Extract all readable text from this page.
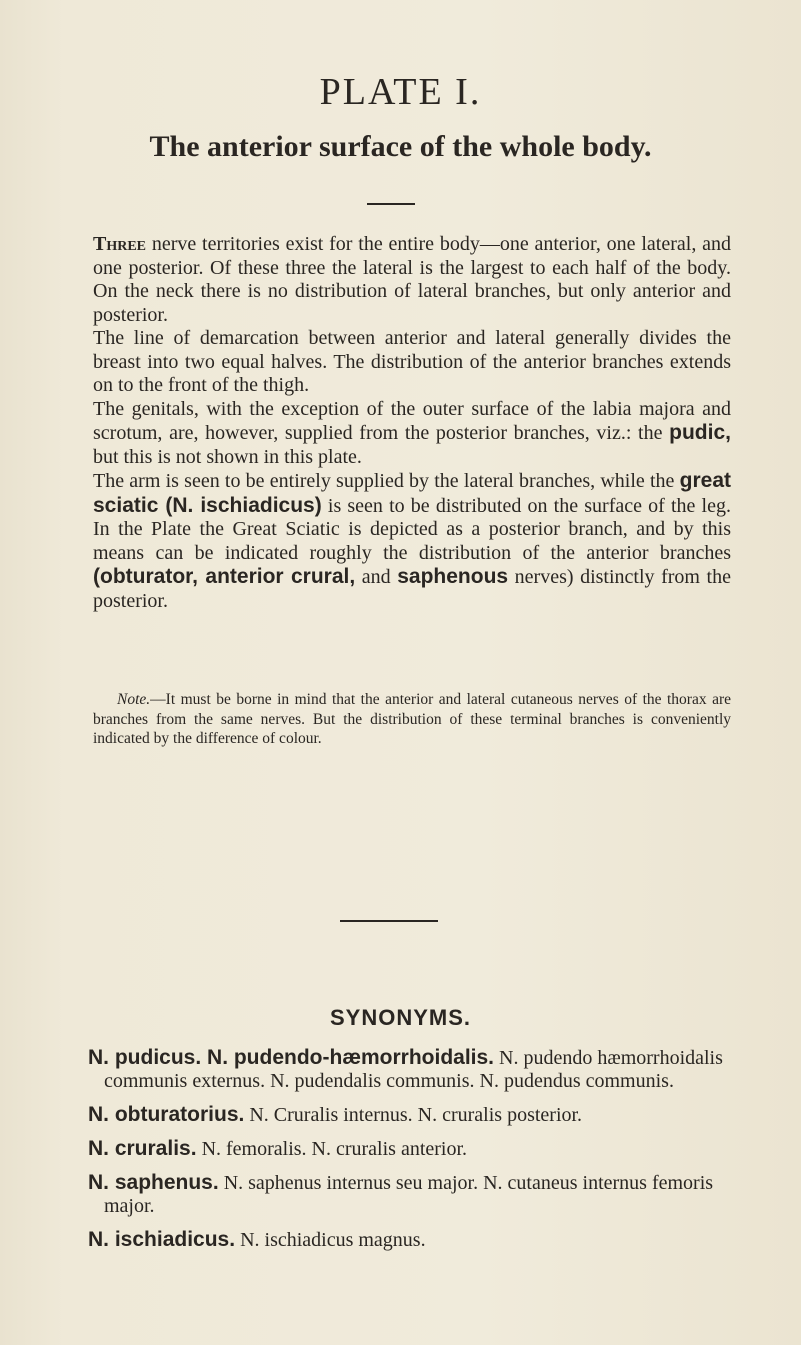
PLATE I.
The anterior surface of the whole body.

Three nerve territories exist for the entire body—one anterior, one lateral, and one posterior. Of these three the lateral is the largest to each half of the body. On the neck there is no distribution of lateral branches, but only anterior and posterior.

The line of demarcation between anterior and lateral generally divides the breast into two equal halves. The distribution of the anterior branches extends on to the front of the thigh.

The genitals, with the exception of the outer surface of the labia majora and scrotum, are, however, supplied from the posterior branches, viz.: the pudic, but this is not shown in this plate.

The arm is seen to be entirely supplied by the lateral branches, while the great sciatic (N. ischiadicus) is seen to be distributed on the surface of the leg. In the Plate the Great Sciatic is depicted as a posterior branch, and by this means can be indicated roughly the distribution of the anterior branches (obturator, anterior crural, and saphenous nerves) distinctly from the posterior.

Note.—It must be borne in mind that the anterior and lateral cutaneous nerves of the thorax are branches from the same nerves. But the distribution of these terminal branches is conveniently indicated by the difference of colour.

SYNONYMS.

N. pudicus. N. pudendo-hæmorrhoidalis. N. pudendo hæmorrhoidalis communis externus. N. pudendalis communis. N. pudendus communis.

N. obturatorius. N. Cruralis internus. N. cruralis posterior.

N. cruralis. N. femoralis. N. cruralis anterior.

N. saphenus. N. saphenus internus seu major. N. cutaneus internus femoris major.

N. ischiadicus. N. ischiadicus magnus.
